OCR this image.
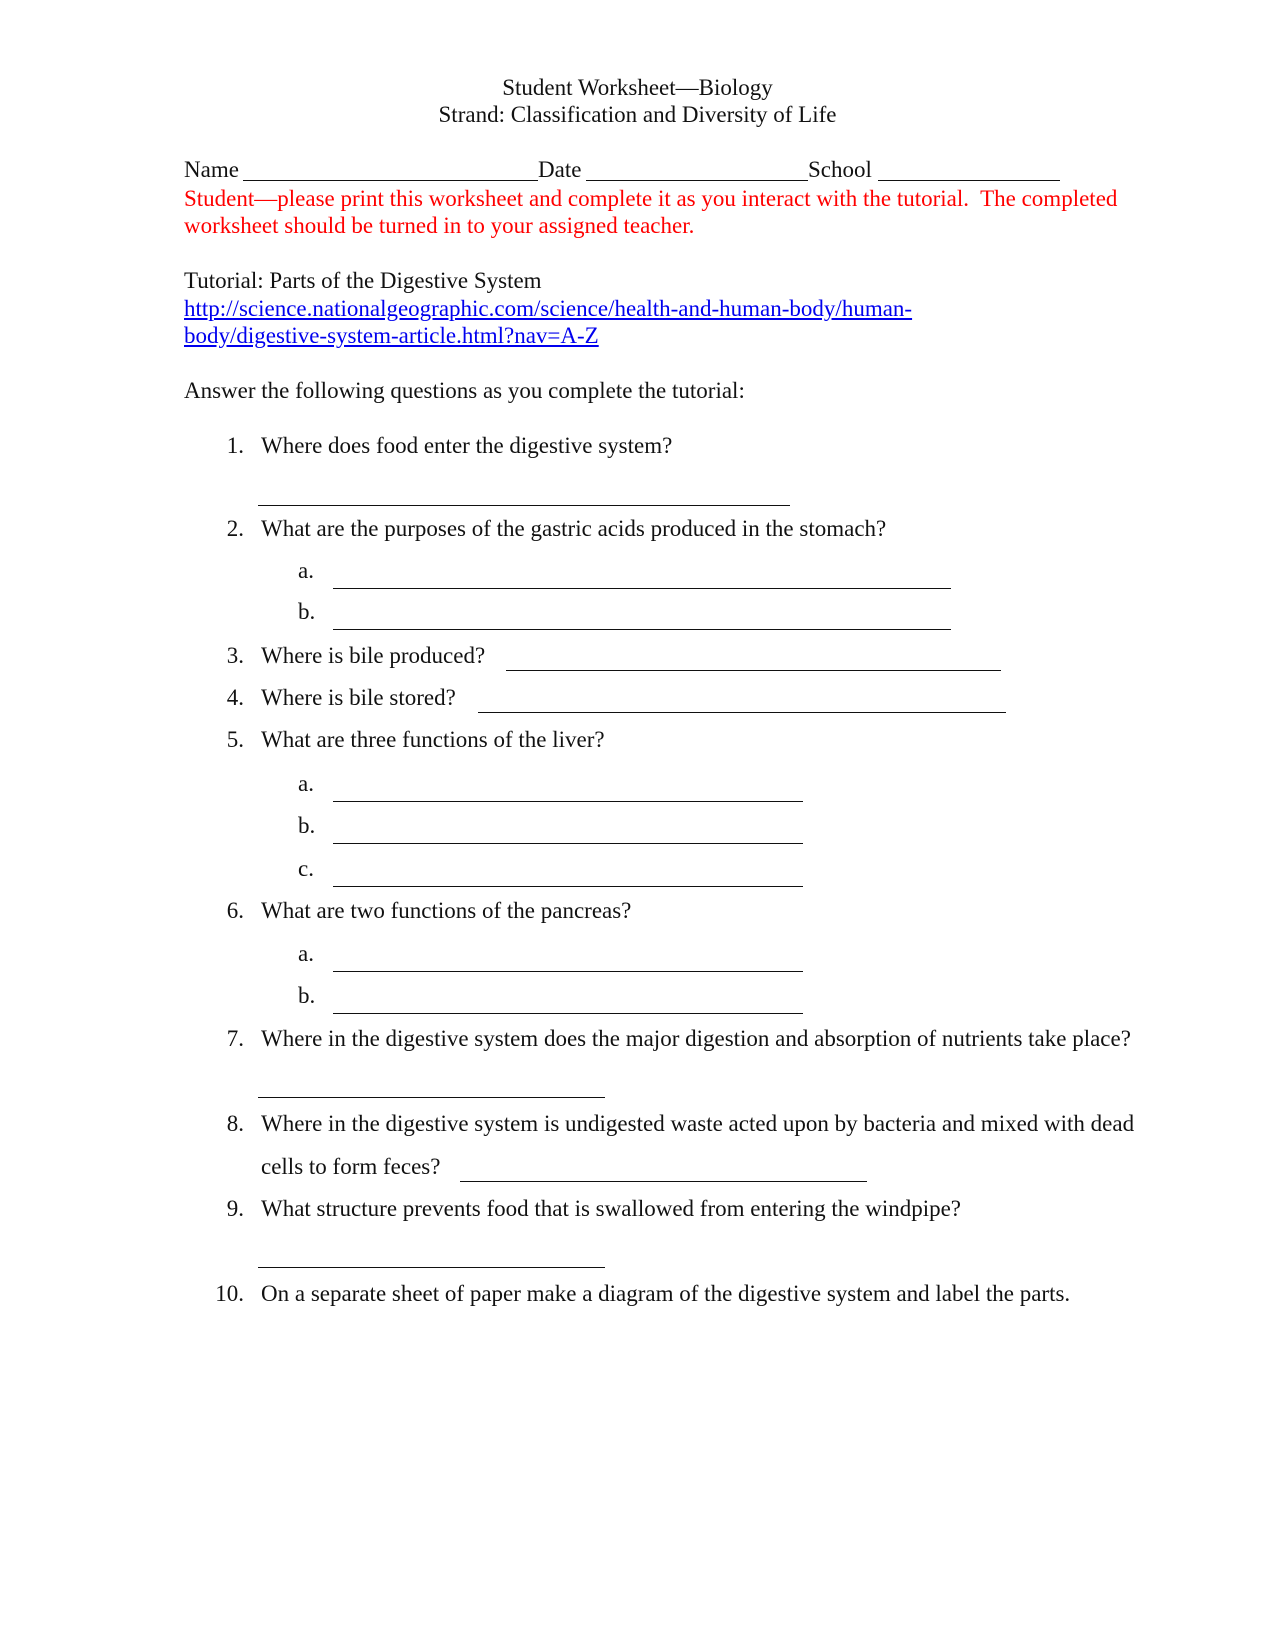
Student Worksheet—Biology
Strand: Classification and Diversity of Life
Name	Date	School
Student—please print this worksheet and complete it as you interact with the tutorial.  The completed
worksheet should be turned in to your assigned teacher.
Tutorial: Parts of the Digestive System
http://science.nationalgeographic.com/science/health-and-human-body/human-
body/digestive-system-article.html?nav=A-Z
Answer the following questions as you complete the tutorial:
1. Where does food enter the digestive system?
2. What are the purposes of the gastric acids produced in the stomach?
a.
b.
3. Where is bile produced?
4. Where is bile stored?
5. What are three functions of the liver?
a.
b.
c.
6. What are two functions of the pancreas?
a.
b.
7. Where in the digestive system does the major digestion and absorption of nutrients take place?
8. Where in the digestive system is undigested waste acted upon by bacteria and mixed with dead
cells to form feces?
9. What structure prevents food that is swallowed from entering the windpipe?
10. On a separate sheet of paper make a diagram of the digestive system and label the parts.
